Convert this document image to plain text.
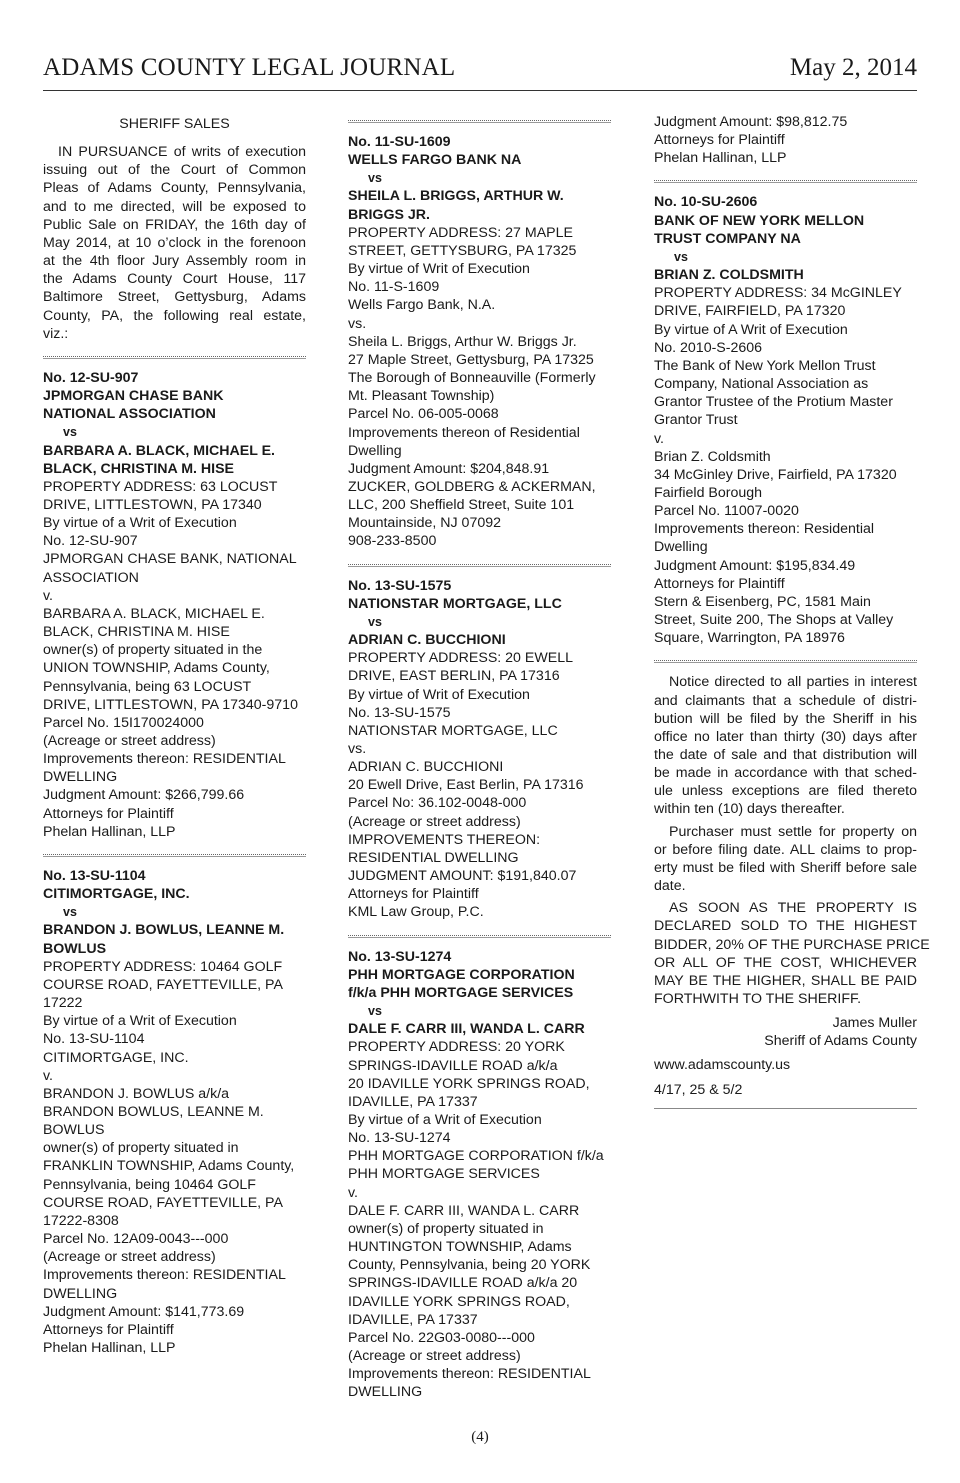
ADAMS COUNTY LEGAL JOURNAL	May 2, 2014
SHERIFF SALES
IN PURSUANCE of writs of execution
issuing out of the Court of Common
Pleas of Adams County, Pennsylvania,
and to me directed, will be exposed to
Public Sale on FRIDAY, the 16th day of
May 2014, at 10 o’clock in the forenoon
at the 4th floor Jury Assembly room in
the Adams County Court House, 117
Baltimore Street, Gettysburg, Adams
County, PA, the following real estate,
viz.:
No. 12-SU-907
JPMORGAN CHASE BANK
NATIONAL ASSOCIATION
vs
BARBARA A. BLACK, MICHAEL E.
BLACK, CHRISTINA M. HISE
PROPERTY ADDRESS: 63 LOCUST
DRIVE, LITTLESTOWN, PA 17340
By virtue of a Writ of Execution
No. 12-SU-907
JPMORGAN CHASE BANK, NATIONAL
ASSOCIATION
v.
BARBARA A. BLACK, MICHAEL E.
BLACK, CHRISTINA M. HISE
owner(s) of property situated in the
UNION TOWNSHIP, Adams County,
Pennsylvania, being 63 LOCUST
DRIVE, LITTLESTOWN, PA 17340-9710
Parcel No. 15I170024000
(Acreage or street address)
Improvements thereon: RESIDENTIAL
DWELLING
Judgment Amount: $266,799.66
Attorneys for Plaintiff
Phelan Hallinan, LLP
No. 13-SU-1104
CITIMORTGAGE, INC.
vs
BRANDON J. BOWLUS, LEANNE M.
BOWLUS
PROPERTY ADDRESS: 10464 GOLF
COURSE ROAD, FAYETTEVILLE, PA
17222
By virtue of a Writ of Execution
No. 13-SU-1104
CITIMORTGAGE, INC.
v.
BRANDON J. BOWLUS a/k/a
BRANDON BOWLUS, LEANNE M.
BOWLUS
owner(s) of property situated in
FRANKLIN TOWNSHIP, Adams County,
Pennsylvania, being 10464 GOLF
COURSE ROAD, FAYETTEVILLE, PA
17222-8308
Parcel No. 12A09-0043---000
(Acreage or street address)
Improvements thereon: RESIDENTIAL
DWELLING
Judgment Amount: $141,773.69
Attorneys for Plaintiff
Phelan Hallinan, LLP
No. 11-SU-1609
WELLS FARGO BANK NA
vs
SHEILA L. BRIGGS, ARTHUR W.
BRIGGS JR.
PROPERTY ADDRESS: 27 MAPLE
STREET, GETTYSBURG, PA 17325
By virtue of Writ of Execution
No. 11-S-1609
Wells Fargo Bank, N.A.
vs.
Sheila L. Briggs, Arthur W. Briggs Jr.
27 Maple Street, Gettysburg, PA 17325
The Borough of Bonneauville (Formerly
Mt. Pleasant Township)
Parcel No. 06-005-0068
Improvements thereon of Residential
Dwelling
Judgment Amount: $204,848.91
ZUCKER, GOLDBERG & ACKERMAN,
LLC, 200 Sheffield Street, Suite 101
Mountainside, NJ 07092
908-233-8500
No. 13-SU-1575
NATIONSTAR MORTGAGE, LLC
vs
ADRIAN C. BUCCHIONI
PROPERTY ADDRESS: 20 EWELL
DRIVE, EAST BERLIN, PA 17316
By virtue of Writ of Execution
No. 13-SU-1575
NATIONSTAR MORTGAGE, LLC
vs.
ADRIAN C. BUCCHIONI
20 Ewell Drive, East Berlin, PA 17316
Parcel No: 36.102-0048-000
(Acreage or street address)
IMPROVEMENTS THEREON:
RESIDENTIAL DWELLING
JUDGMENT AMOUNT: $191,840.07
Attorneys for Plaintiff
KML Law Group, P.C.
No. 13-SU-1274
PHH MORTGAGE CORPORATION
f/k/a PHH MORTGAGE SERVICES
vs
DALE F. CARR III, WANDA L. CARR
PROPERTY ADDRESS: 20 YORK
SPRINGS-IDAVILLE ROAD a/k/a
20 IDAVILLE YORK SPRINGS ROAD,
IDAVILLE, PA 17337
By virtue of a Writ of Execution
No. 13-SU-1274
PHH MORTGAGE CORPORATION f/k/a
PHH MORTGAGE SERVICES
v.
DALE F. CARR III, WANDA L. CARR
owner(s) of property situated in
HUNTINGTON TOWNSHIP, Adams
County, Pennsylvania, being 20 YORK
SPRINGS-IDAVILLE ROAD a/k/a 20
IDAVILLE YORK SPRINGS ROAD,
IDAVILLE, PA 17337
Parcel No. 22G03-0080---000
(Acreage or street address)
Improvements thereon: RESIDENTIAL
DWELLING
Judgment Amount: $98,812.75
Attorneys for Plaintiff
Phelan Hallinan, LLP
No. 10-SU-2606
BANK OF NEW YORK MELLON
TRUST COMPANY NA
vs
BRIAN Z. COLDSMITH
PROPERTY ADDRESS: 34 McGINLEY
DRIVE, FAIRFIELD, PA 17320
By virtue of A Writ of Execution
No. 2010-S-2606
The Bank of New York Mellon Trust
Company, National Association as
Grantor Trustee of the Protium Master
Grantor Trust
v.
Brian Z. Coldsmith
34 McGinley Drive, Fairfield, PA 17320
Fairfield Borough
Parcel No. 11007-0020
Improvements thereon: Residential
Dwelling
Judgment Amount: $195,834.49
Attorneys for Plaintiff
Stern & Eisenberg, PC, 1581 Main
Street, Suite 200, The Shops at Valley
Square, Warrington, PA 18976
Notice directed to all parties in interest
and claimants that a schedule of distri-
bution will be filed by the Sheriff in his
office no later than thirty (30) days after
the date of sale and that distribution will
be made in accordance with that sched-
ule unless exceptions are filed thereto
within ten (10) days thereafter.
Purchaser must settle for property on
or before filing date. ALL claims to prop-
erty must be filed with Sheriff before sale
date.
AS SOON AS THE PROPERTY IS
DECLARED SOLD TO THE HIGHEST
BIDDER, 20% OF THE PURCHASE PRICE
OR ALL OF THE COST, WHICHEVER
MAY BE THE HIGHER, SHALL BE PAID
FORTHWITH TO THE SHERIFF.
James Muller
Sheriff of Adams County
www.adamscounty.us
4/17, 25 & 5/2
(4)
